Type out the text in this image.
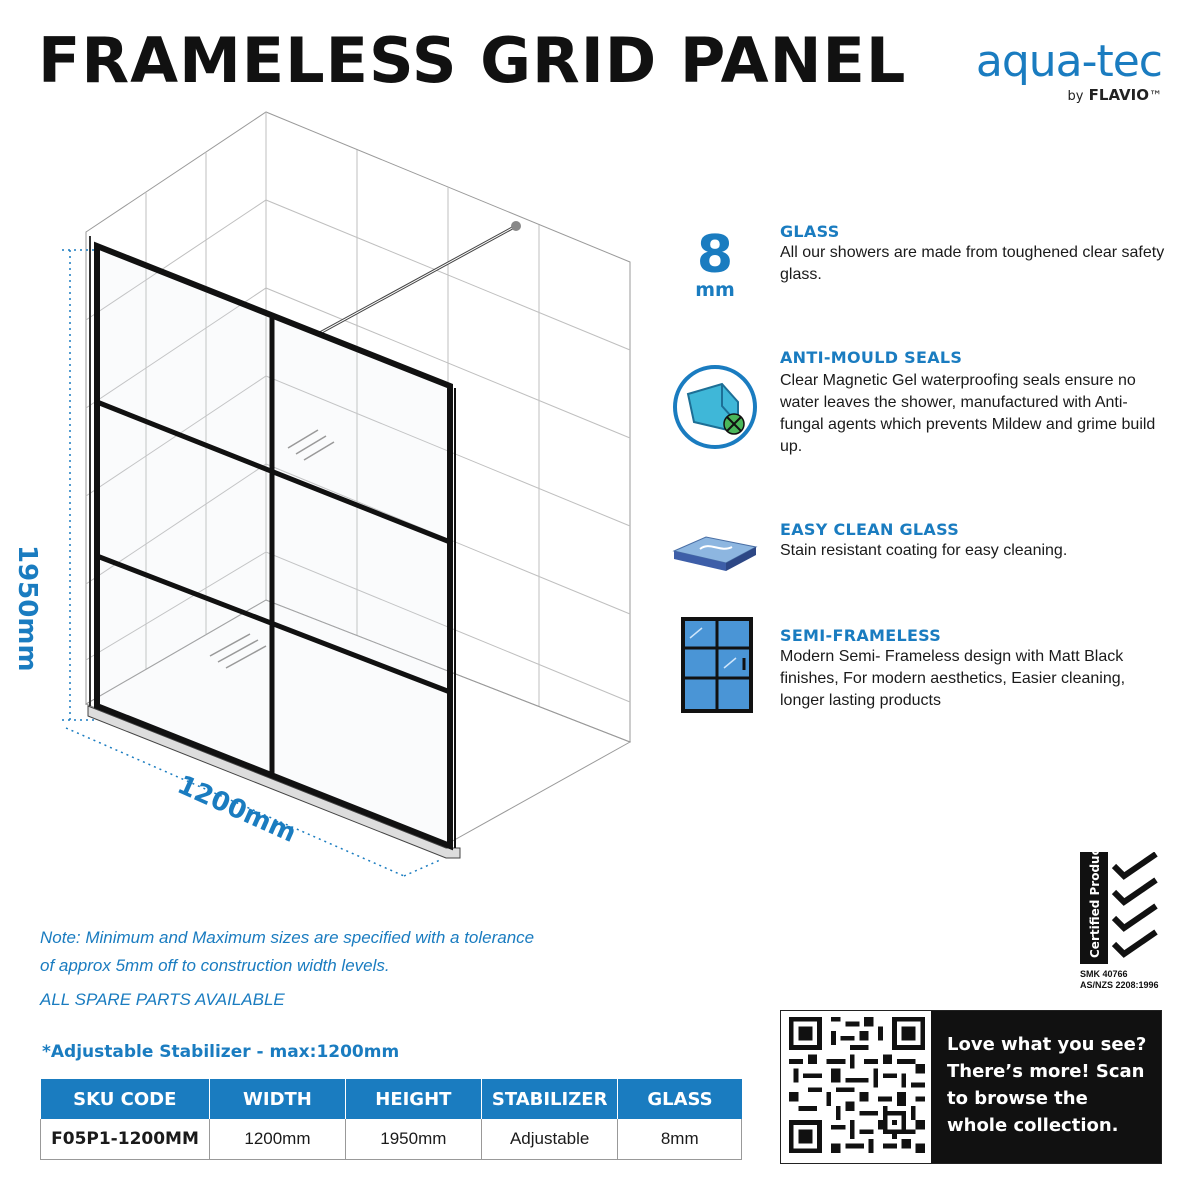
FRAMELESS GRID PANEL	aqua-tec
by FLAVIO™
1200mm
1950mm
8
mm
GLASS
All our showers are made from toughened clear safety glass.
ANTI-MOULD SEALS
Clear Magnetic Gel waterproofing seals ensure no water leaves the shower, manufactured with Anti-fungal agents which prevents Mildew and grime build up.
EASY CLEAN GLASS
Stain resistant coating for easy cleaning.
SEMI-FRAMELESS
Modern Semi- Frameless design with Matt Black finishes, For modern aesthetics, Easier cleaning, longer lasting products
Note: Minimum and Maximum sizes are specified with a tolerance
of approx 5mm off to construction width levels.
ALL SPARE PARTS AVAILABLE
*Adjustable Stabilizer - max:1200mm
SKU CODE	WIDTH	HEIGHT	STABILIZER	GLASS
F05P1-1200MM	1200mm	1950mm	Adjustable	8mm
Certified Product
SMK 40766
AS/NZS 2208:1996
Love what you see?
There’s more! Scan
to browse the
whole collection.
